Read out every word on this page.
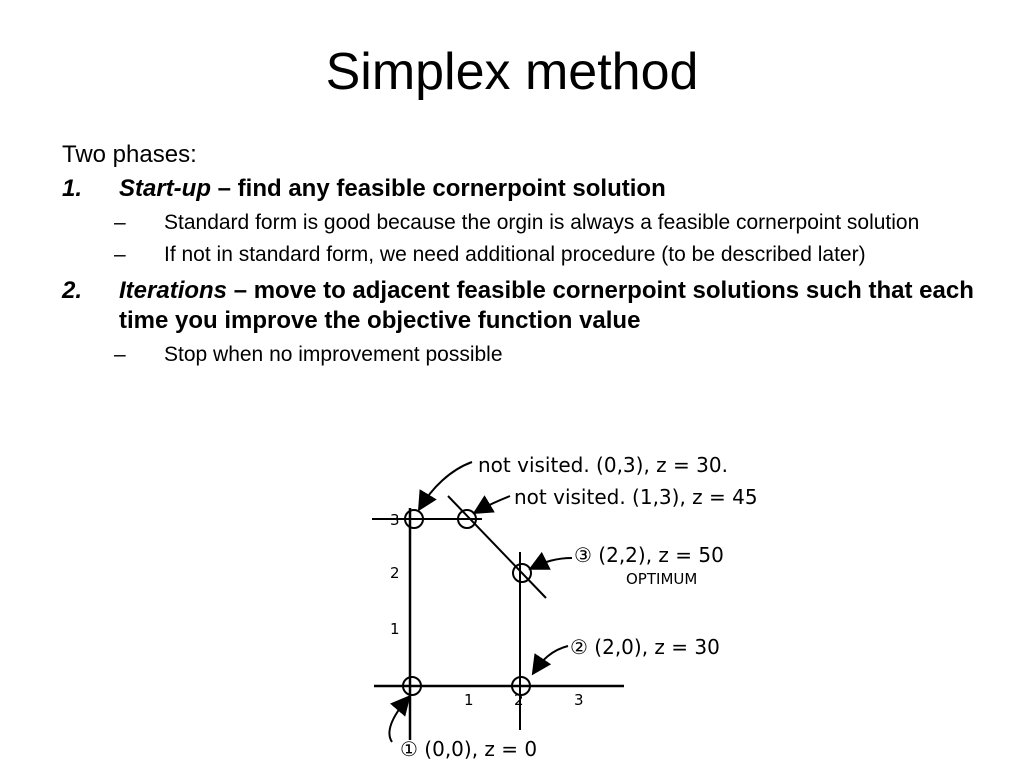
Simplex method
Two phases:
1. Start-up – find any feasible cornerpoint solution
– Standard form is good because the orgin is always a feasible cornerpoint solution
– If not in standard form, we need additional procedure (to be described later)
2. Iterations – move to adjacent feasible cornerpoint solutions such that each time you improve the objective function value
– Stop when no improvement possible
1	2	3
3
2
1
not visited. (0,3), z = 30.
not visited. (1,3), z = 45
③ (2,2), z = 50
OPTIMUM
② (2,0), z = 30
① (0,0), z = 0
